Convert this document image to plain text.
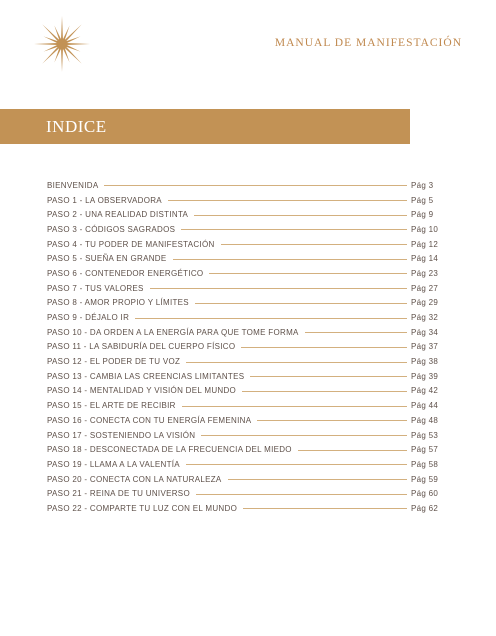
MANUAL DE MANIFESTACIÓN
INDICE
BIENVENIDA	Pág 3
PASO 1 - LA OBSERVADORA	Pág 5
PASO 2 - UNA REALIDAD DISTINTA	Pág 9
PASO 3 - CÓDIGOS SAGRADOS	Pág 10
PASO 4 - TU PODER DE MANIFESTACIÓN	Pág 12
PASO 5 - SUEÑA EN GRANDE	Pág 14
PASO 6 - CONTENEDOR ENERGÉTICO	Pág 23
PASO 7 - TUS VALORES	Pág 27
PASO 8 - AMOR PROPIO Y LÍMITES	Pág 29
PASO 9 - DÉJALO IR	Pág 32
PASO 10 - DA ORDEN A LA ENERGÍA PARA QUE TOME FORMA	Pág 34
PASO 11 - LA SABIDURÍA DEL CUERPO FÍSICO	Pág 37
PASO 12 - EL PODER DE TU VOZ	Pág 38
PASO 13 - CAMBIA LAS CREENCIAS LIMITANTES	Pág 39
PASO 14 - MENTALIDAD Y VISIÓN DEL MUNDO	Pág 42
PASO 15 - EL ARTE DE RECIBIR	Pág 44
PASO 16 - CONECTA CON TU ENERGÍA FEMENINA	Pág 48
PASO 17 - SOSTENIENDO LA VISIÓN	Pág 53
PASO 18 - DESCONECTADA DE LA FRECUENCIA DEL MIEDO	Pág 57
PASO 19 - LLAMA A LA VALENTÍA	Pág 58
PASO 20 - CONECTA CON LA NATURALEZA	Pág 59
PASO 21 - REINA DE TU UNIVERSO	Pág 60
PASO 22 - COMPARTE TU LUZ CON EL MUNDO	Pág 62
